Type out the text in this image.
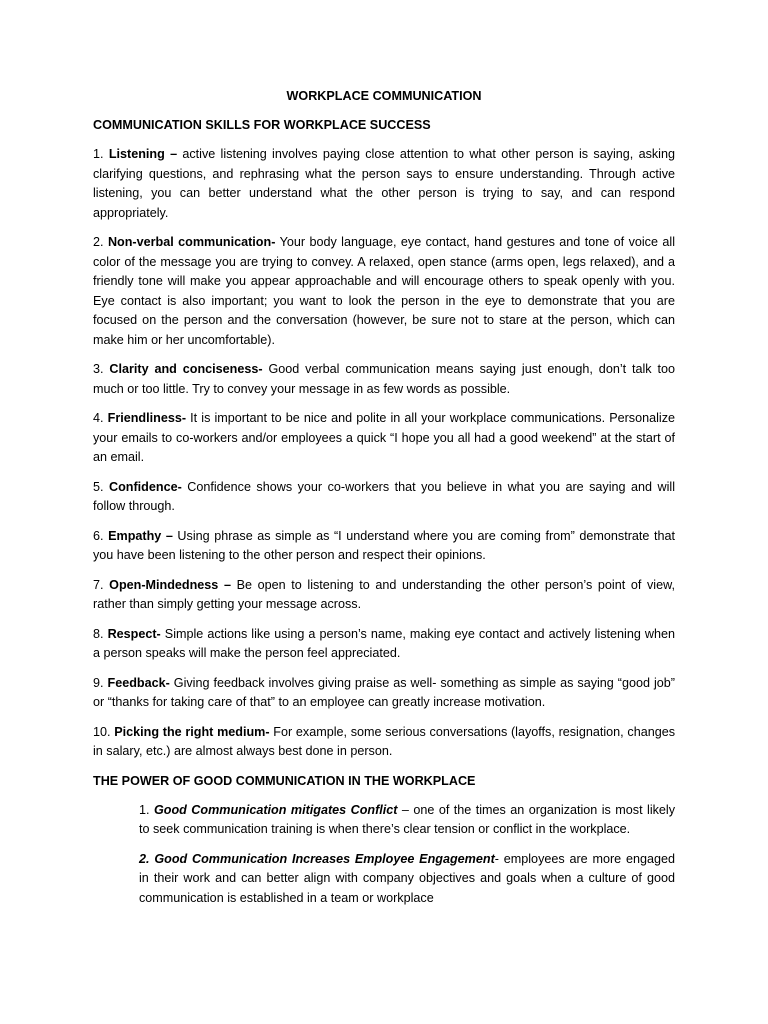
WORKPLACE COMMUNICATION
COMMUNICATION SKILLS FOR WORKPLACE SUCCESS

1. Listening – active listening involves paying close attention to what other person is saying, asking clarifying questions, and rephrasing what the person says to ensure understanding. Through active listening, you can better understand what the other person is trying to say, and can respond appropriately.

2. Non-verbal communication- Your body language, eye contact, hand gestures and tone of voice all color of the message you are trying to convey. A relaxed, open stance (arms open, legs relaxed), and a friendly tone will make you appear approachable and will encourage others to speak openly with you. Eye contact is also important; you want to look the person in the eye to demonstrate that you are focused on the person and the conversation (however, be sure not to stare at the person, which can make him or her uncomfortable).

3. Clarity and conciseness- Good verbal communication means saying just enough, don’t talk too much or too little. Try to convey your message in as few words as possible.

4. Friendliness- It is important to be nice and polite in all your workplace communications. Personalize your emails to co-workers and/or employees a quick “I hope you all had a good weekend” at the start of an email.

5. Confidence- Confidence shows your co-workers that you believe in what you are saying and will follow through.

6. Empathy – Using phrase as simple as “I understand where you are coming from” demonstrate that you have been listening to the other person and respect their opinions.

7. Open-Mindedness – Be open to listening to and understanding the other person’s point of view, rather than simply getting your message across.

8. Respect- Simple actions like using a person’s name, making eye contact and actively listening when a person speaks will make the person feel appreciated.

9. Feedback- Giving feedback involves giving praise as well- something as simple as saying “good job” or “thanks for taking care of that” to an employee can greatly increase motivation.

10. Picking the right medium- For example, some serious conversations (layoffs, resignation, changes in salary, etc.) are almost always best done in person.

THE POWER OF GOOD COMMUNICATION IN THE WORKPLACE

1. Good Communication mitigates Conflict – one of the times an organization is most likely to seek communication training is when there’s clear tension or conflict in the workplace.

2. Good Communication Increases Employee Engagement- employees are more engaged in their work and can better align with company objectives and goals when a culture of good communication is established in a team or workplace
